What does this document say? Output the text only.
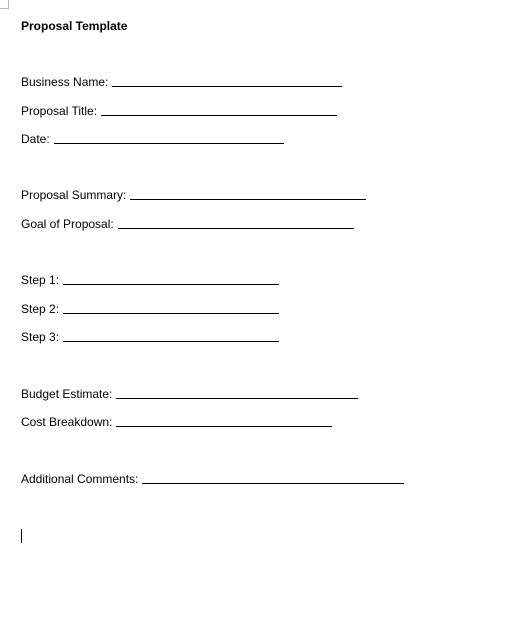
Proposal Template
Business Name:
Proposal Title:
Date:
Proposal Summary:
Goal of Proposal:
Step 1:
Step 2:
Step 3:
Budget Estimate:
Cost Breakdown:
Additional Comments:
